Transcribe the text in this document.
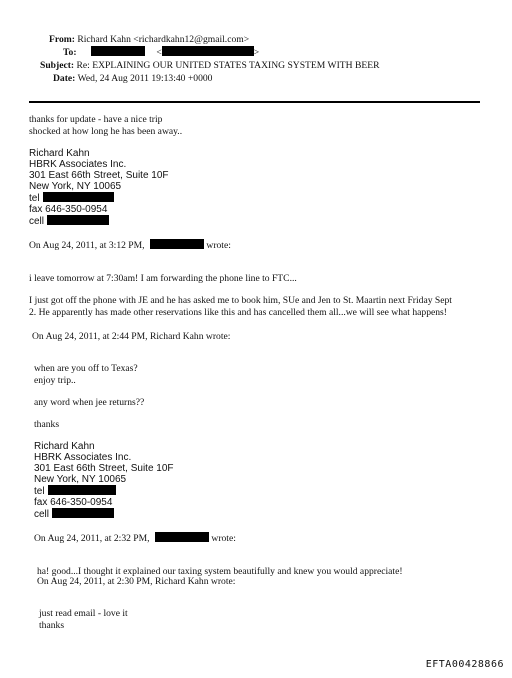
From: Richard Kahn <richardkahn12@gmail.com>
To:	<	>
Subject: Re: EXPLAINING OUR UNITED STATES TAXING SYSTEM WITH BEER
Date: Wed, 24 Aug 2011 19:13:40 +0000
thanks for update - have a nice trip
shocked at how long he has been away..
Richard Kahn
HBRK Associates Inc.
301 East 66th Street, Suite 10F
New York, NY 10065
tel
fax 646-350-0954
cell
On Aug 24, 2011, at 3:12 PM,	wrote:
i leave tomorrow at 7:30am! I am forwarding the phone line to FTC...
I just got off the phone with JE and he has asked me to book him, SUe and Jen to St. Maartin next Friday Sept
2. He apparently has made other reservations like this and has cancelled them all...we will see what happens!
On Aug 24, 2011, at 2:44 PM, Richard Kahn wrote:
when are you off to Texas?
enjoy trip..
any word when jee returns??
thanks
Richard Kahn
HBRK Associates Inc.
301 East 66th Street, Suite 10F
New York, NY 10065
tel
fax 646-350-0954
cell
On Aug 24, 2011, at 2:32 PM,	wrote:
ha! good...I thought it explained our taxing system beautifully and knew you would appreciate!
On Aug 24, 2011, at 2:30 PM, Richard Kahn wrote:
just read email - love it
thanks
EFTA00428866
